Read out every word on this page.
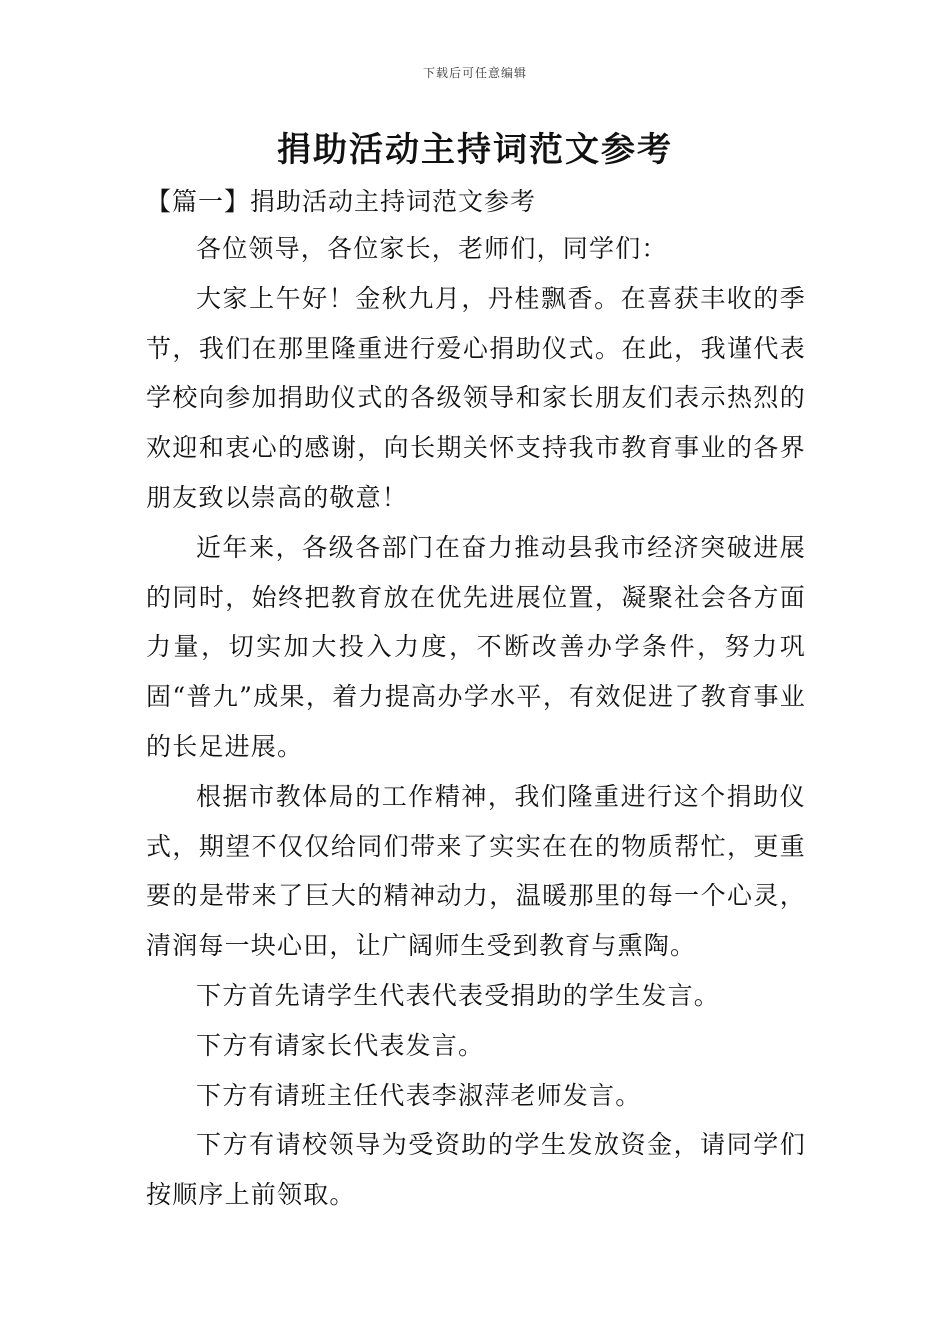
下载后可任意编辑
捐助活动主持词范文参考
【篇一】捐助活动主持词范文参考

各位领导，各位家长，老师们，同学们：

大家上午好！金秋九月，丹桂飘香。在喜获丰收的季节，我们在那里隆重进行爱心捐助仪式。在此，我谨代表学校向参加捐助仪式的各级领导和家长朋友们表示热烈的欢迎和衷心的感谢，向长期关怀支持我市教育事业的各界朋友致以崇高的敬意！

近年来，各级各部门在奋力推动县我市经济突破进展的同时，始终把教育放在优先进展位置，凝聚社会各方面力量，切实加大投入力度，不断改善办学条件，努力巩固“普九”成果，着力提高办学水平，有效促进了教育事业的长足进展。

根据市教体局的工作精神，我们隆重进行这个捐助仪式，期望不仅仅给同们带来了实实在在的物质帮忙，更重要的是带来了巨大的精神动力，温暖那里的每一个心灵，清润每一块心田，让广阔师生受到教育与熏陶。

下方首先请学生代表代表受捐助的学生发言。

下方有请家长代表发言。

下方有请班主任代表李淑萍老师发言。

下方有请校领导为受资助的学生发放资金，请同学们按顺序上前领取。
